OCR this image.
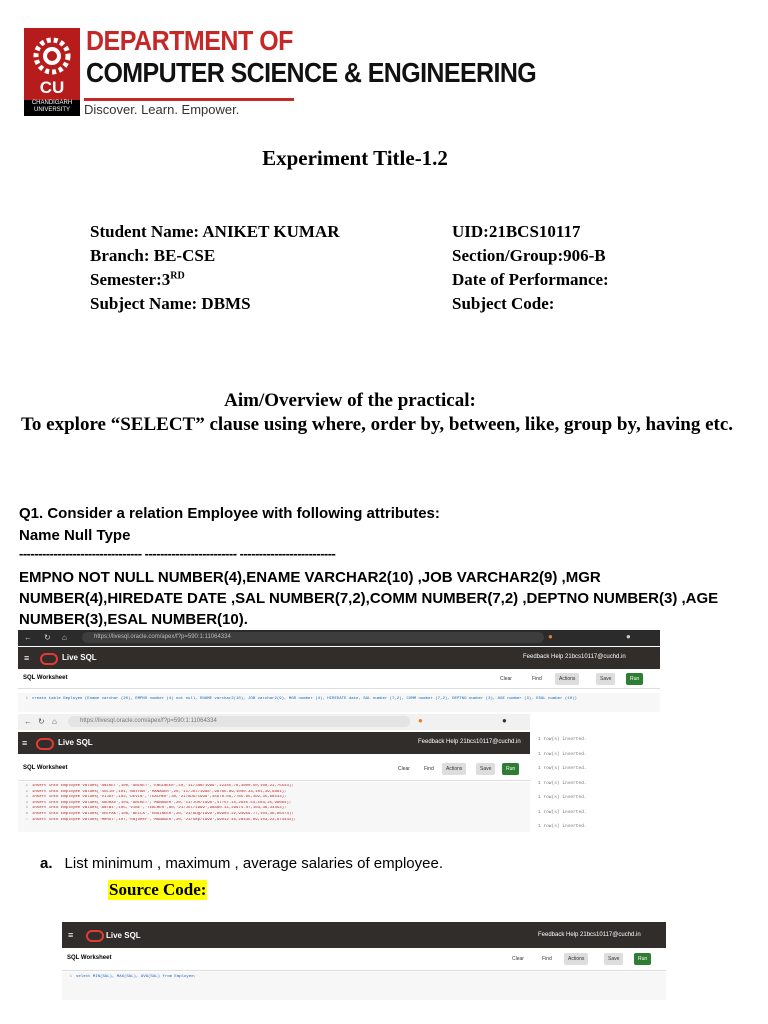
CU
CHANDIGARH UNIVERSITY
DEPARTMENT OF
COMPUTER SCIENCE & ENGINEERING
Discover. Learn. Empower.
Experiment Title-1.2
Student Name: ANIKET KUMAR	UID:21BCS10117
Branch: BE-CSE	Section/Group:906-B
Semester:3RD	Date of Performance:
Subject Name: DBMS	Subject Code:
Aim/Overview of the practical:
To explore “SELECT” clause using where, order by, between, like, group by, having etc.
Q1. Consider a relation Employee with following attributes:
Name Null Type
-------------------------------- ------------------------ -------------------------
EMPNO NOT NULL NUMBER(4),ENAME VARCHAR2(10) ,JOB VARCHAR2(9) ,MGR NUMBER(4),HIREDATE DATE ,SAL NUMBER(7,2),COMM NUMBER(7,2) ,DEPTNO NUMBER(3) ,AGE NUMBER(3),ESAL NUMBER(10).
← ↻ ⌂	https://livesql.oracle.com/apex/f?p=590:1:11064334	●	●
≡	Live SQL	Feedback Help 21bcs10117@cuchd.in
SQL Worksheet	Clear	Find	Actions	Save	Run
1 create table Employee (Ename varchar (20), EMPNO number (4) not null, ENAME varchar2(10), JOB varchar2(9), MGR number (4), HIREDATE date, SAL number (7,2), COMM number (7,2), DEPTNO number (3), AGE number (3), ESAL number (10))
← ↻ ⌂	https://livesql.oracle.com/apex/f?p=590:1:11064334	●	●
≡	Live SQL	Feedback Help 21bcs10117@cuchd.in
SQL Worksheet	Clear	Find	Actions	Save	Run
1 insert into Employee values('ANIKET',100,'ANIKET','ENGINEER',10,'11/JAN/1999',12345.76,3000.50,100,21,75543);
2 insert into Employee values('SOLIN',101,'NAYYAN','MANAGER',20,'11/Jul/1998',98765.89,1000.34,101,39,9861);
3 insert into Employee values('VIJAY',102,'DEVIN','TEACHER',30,'21/AUG/1998',45678.09,7765.65,102,35,66543);
4 insert into Employee values('SAURAV',104,'ANIKET','MANAGER',20,'11/Jun/1998',47757.15,2945.54,103,25,98664);
5 insert into Employee values('ANTWI',105,'VIBE','TEACHER',80,'21/Jul/1999',98890.11,29974.47,103,36,34453);
6 insert into Employee values('DEEPAK',106,'BELLA','ENGINEER',20,'21/Aug/1999',89903.22,94959.77,104,36,66474);
7 insert into Employee values('Mehul',107,'Rajveer','MANAGER',20,'21/Sep/1999',99012.45,28435.09,103,23,674443);
1 row(s) inserted.
1 row(s) inserted.
1 row(s) inserted.
1 row(s) inserted.
1 row(s) inserted.
1 row(s) inserted.
1 row(s) inserted.
a. List minimum , maximum , average salaries of employee.
Source Code:
≡	Live SQL	Feedback Help 21bcs10117@cuchd.in
SQL Worksheet	Clear	Find	Actions	Save	Run
1 select MIN(SAL), MAX(SAL), AVG(SAL) from Employee;
